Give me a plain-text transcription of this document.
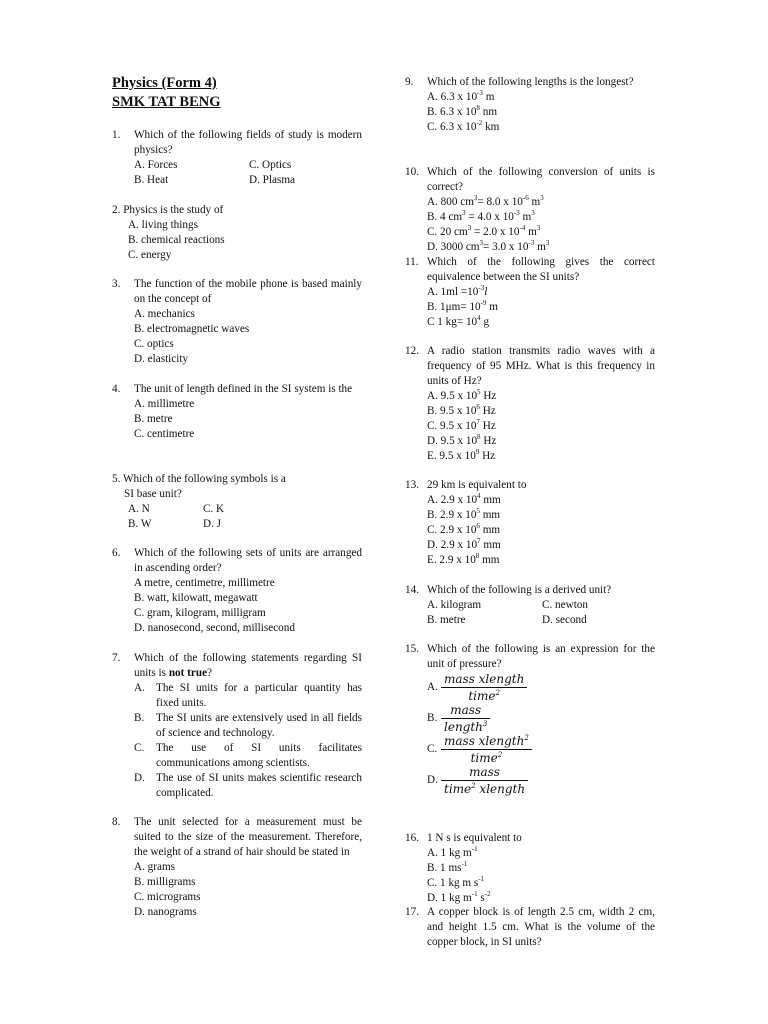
Physics (Form 4)
SMK TAT BENG
1. Which of the following fields of study is modern physics?
A. Forces	C. Optics
B. Heat	D. Plasma
2. Physics is the study of
A. living things
B. chemical reactions
C. energy
3. The function of the mobile phone is based mainly on the concept of
A. mechanics
B. electromagnetic waves
C. optics
D. elasticity
4. The unit of length defined in the SI system is the
A. millimetre
B. metre
C. centimetre
5. Which of the following symbols is a
SI base unit?
A. N	C. K
B. W	D. J
6. Which of the following sets of units are arranged in ascending order?
A metre, centimetre, millimetre
B. watt, kilowatt, megawatt
C. gram, kilogram, milligram
D. nanosecond, second, millisecond
7. Which of the following statements regarding SI units is not true?
A. The SI units for a particular quantity has fixed units.
B.	The SI units are extensively used in all fields of science and technology.
C.	The use of SI units facilitates communications among scientists.
D. The use of SI units makes scientific research complicated.
8. The unit selected for a measurement must be suited to the size of the measurement. Therefore, the weight of a strand of hair should be stated in
A. grams
B. milligrams
C. micrograms
D. nanograms
9. Which of the following lengths is the longest?
A. 6.3 x $10^{-3}$ m
B. 6.3 x $10^8$ nm
C. 6.3 x $10^{-2}$ km
10. Which of the following conversion of units is correct?
A. 800 $cm^3= 8.0$ x $10^{-6}$ $m^3$
B. 4 $cm^3 = 4.0$ x $10^{-3}$ $m^3$
C. 20 $cm^3 = 2.0$ x $10^{-4}$ $m^3$
D. 3000 $cm^3= 3.0$ x $10^{-3}$ $m^3$
11. Which of the following gives the correct equivalence between the SI units?
A. $1ml =10^{-3}l$
B. $1\mu m= 10^{-9}$ m
C 1 $kg= 10^4$ g
12. A radio station transmits radio waves with a frequency of 95 MHz. What is this frequency in units of Hz?
A. 9.5 x $10^5$ Hz
B. 9.5 x $10^6$ Hz
C. 9.5 x $10^7$ Hz
D. 9.5 x $10^8$ Hz
E. 9.5 x $10^9$ Hz
13. 29 km is equivalent to
A. 2.9 x $10^4$ mm
B. 2.9 x $10^5$ mm
C. 2.9 x $10^6$ mm
D. 2.9 x $10^7$ mm
E. 2.9 x $10^8$ mm
14. Which of the following is a derived unit?
A. kilogram	C. newton
B. metre	D. second
15. Which of the following is an expression for the unit of pressure?
A. $\frac{\text{mass xlength}}{time^2}$
B. $\frac{\text{mass}}{length^3}$
C. $\frac{mass xlength^2}{time^2}$
D. $\frac{\text{mass}}{time^2 xlength}$
16. 1 N s is equivalent to
A. 1 kg $m^{-1}$
B. 1 $ms^{-1}$
C. 1 kg m $s^{-1}$
D. 1 kg $m^{-1}$ $s^{-2}$
17. A copper block is of length 2.5 cm, width 2 cm, and height 1.5 cm. What is the volume of the copper block, in SI units?
